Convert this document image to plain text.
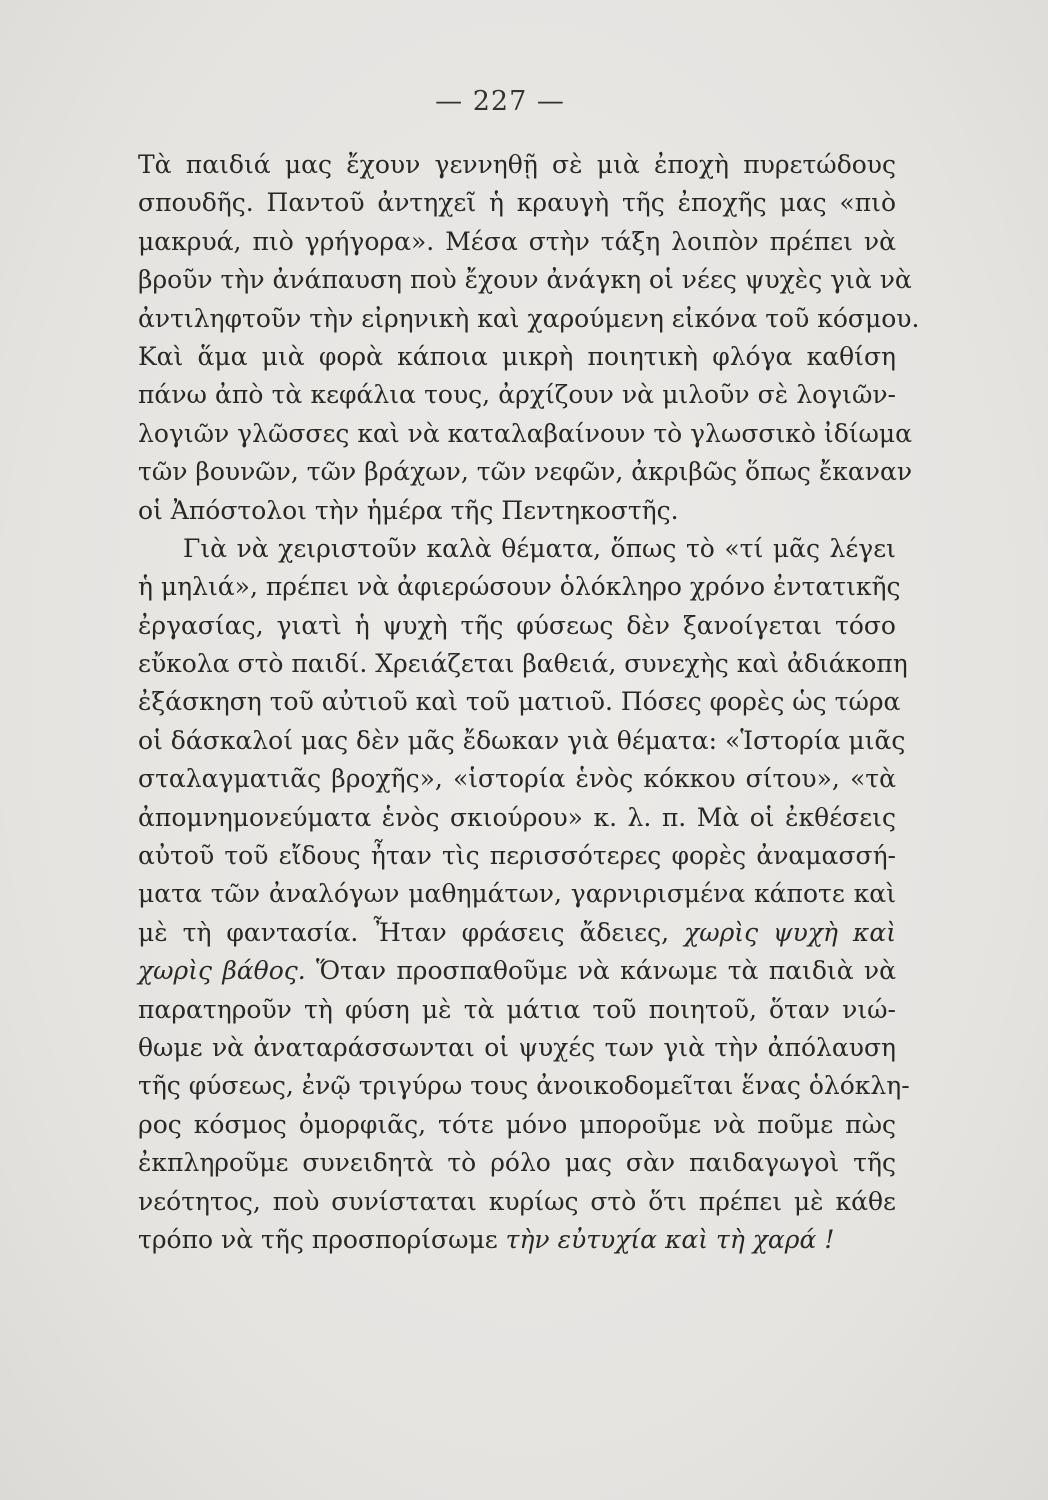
— 227 —
Τὰ παιδιά μας ἔχουν γεννηθῇ σὲ μιὰ ἐποχὴ πυρετώδους
σπουδῆς. Παντοῦ ἀντηχεῖ ἡ κραυγὴ τῆς ἐποχῆς μας «πιὸ
μακρυά, πιὸ γρήγορα». Μέσα στὴν τάξη λοιπὸν πρέπει νὰ
βροῦν τὴν ἀνάπαυση ποὺ ἔχουν ἀνάγκη οἱ νέες ψυχὲς γιὰ νὰ
ἀντιληφτοῦν τὴν εἰρηνικὴ καὶ χαρούμενη εἰκόνα τοῦ κόσμου.
Καὶ ἅμα μιὰ φορὰ κάποια μικρὴ ποιητικὴ φλόγα καθίση
πάνω ἀπὸ τὰ κεφάλια τους, ἀρχίζουν νὰ μιλοῦν σὲ λογιῶν-
λογιῶν γλῶσσες καὶ νὰ καταλαβαίνουν τὸ γλωσσικὸ ἰδίωμα
τῶν βουνῶν, τῶν βράχων, τῶν νεφῶν, ἀκριβῶς ὅπως ἔκαναν
οἱ Ἀπόστολοι τὴν ἡμέρα τῆς Πεντηκοστῆς.
Γιὰ νὰ χειριστοῦν καλὰ θέματα, ὅπως τὸ «τί μᾶς λέγει
ἡ μηλιά», πρέπει νὰ ἀφιερώσουν ὁλόκληρο χρόνο ἐντατικῆς
ἐργασίας, γιατὶ ἡ ψυχὴ τῆς φύσεως δὲν ξανοίγεται τόσο
εὔκολα στὸ παιδί. Χρειάζεται βαθειά, συνεχὴς καὶ ἀδιάκοπη
ἐξάσκηση τοῦ αὐτιοῦ καὶ τοῦ ματιοῦ. Πόσες φορὲς ὡς τώρα
οἱ δάσκαλοί μας δὲν μᾶς ἔδωκαν γιὰ θέματα: «Ἱστορία μιᾶς
σταλαγματιᾶς βροχῆς», «ἱστορία ἑνὸς κόκκου σίτου», «τὰ
ἀπομνημονεύματα ἑνὸς σκιούρου» κ. λ. π. Μὰ οἱ ἐκθέσεις
αὐτοῦ τοῦ εἴδους ἦταν τὶς περισσότερες φορὲς ἀναμασσή-
ματα τῶν ἀναλόγων μαθημάτων, γαρνιρισμένα κάποτε καὶ
μὲ τὴ φαντασία. Ἦταν φράσεις ἄδειες, χωρὶς ψυχὴ καὶ
χωρὶς βάθος. Ὅταν προσπαθοῦμε νὰ κάνωμε τὰ παιδιὰ νὰ
παρατηροῦν τὴ φύση μὲ τὰ μάτια τοῦ ποιητοῦ, ὅταν νιώ-
θωμε νὰ ἀναταράσσωνται οἱ ψυχές των γιὰ τὴν ἀπόλαυση
τῆς φύσεως, ἐνῷ τριγύρω τους ἀνοικοδομεῖται ἕνας ὁλόκλη-
ρος κόσμος ὀμορφιᾶς, τότε μόνο μποροῦμε νὰ ποῦμε πὼς
ἐκπληροῦμε συνειδητὰ τὸ ρόλο μας σὰν παιδαγωγοὶ τῆς
νεότητος, ποὺ συνίσταται κυρίως στὸ ὅτι πρέπει μὲ κάθε
τρόπο νὰ τῆς προσπορίσωμε τὴν εὐτυχία καὶ τὴ χαρά !
